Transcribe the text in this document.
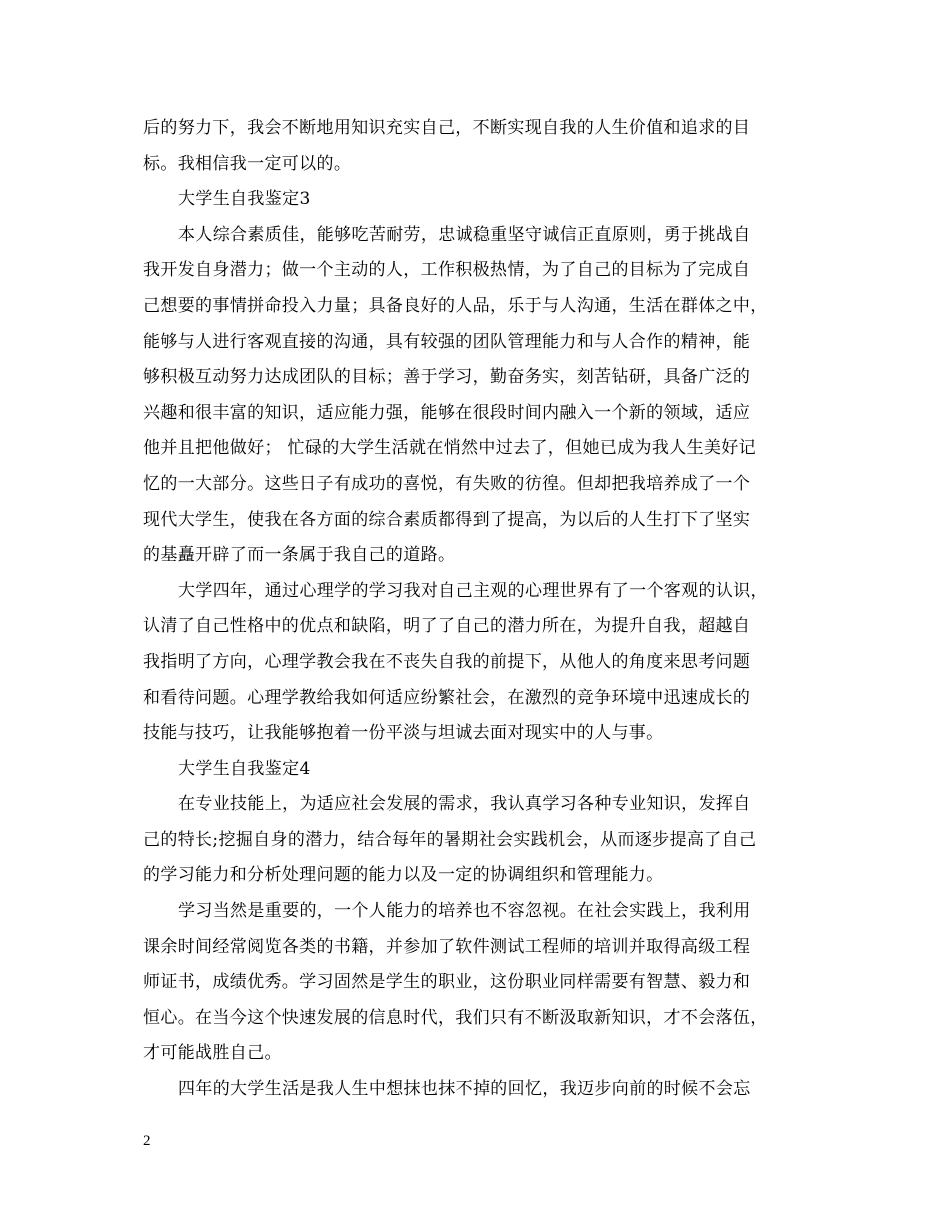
后的努力下，我会不断地用知识充实自己，不断实现自我的人生价值和追求的目
标。我相信我一定可以的。
大学生自我鉴定3
本人综合素质佳，能够吃苦耐劳，忠诚稳重坚守诚信正直原则，勇于挑战自
我开发自身潜力；做一个主动的人，工作积极热情，为了自己的目标为了完成自
己想要的事情拼命投入力量；具备良好的人品，乐于与人沟通，生活在群体之中，
能够与人进行客观直接的沟通，具有较强的团队管理能力和与人合作的精神，能
够积极互动努力达成团队的目标；善于学习，勤奋务实，刻苦钻研，具备广泛的
兴趣和很丰富的知识，适应能力强，能够在很段时间内融入一个新的领域，适应
他并且把他做好； 忙碌的大学生活就在悄然中过去了，但她已成为我人生美好记
忆的一大部分。这些日子有成功的喜悦，有失败的彷徨。但却把我培养成了一个
现代大学生，使我在各方面的综合素质都得到了提高，为以后的人生打下了坚实
的基矗开辟了而一条属于我自己的道路。
大学四年，通过心理学的学习我对自己主观的心理世界有了一个客观的认识，
认清了自己性格中的优点和缺陷，明了了自己的潜力所在，为提升自我，超越自
我指明了方向，心理学教会我在不丧失自我的前提下，从他人的角度来思考问题
和看待问题。心理学教给我如何适应纷繁社会，在激烈的竞争环境中迅速成长的
技能与技巧，让我能够抱着一份平淡与坦诚去面对现实中的人与事。
大学生自我鉴定4
在专业技能上，为适应社会发展的需求，我认真学习各种专业知识，发挥自
己的特长;挖掘自身的潜力，结合每年的暑期社会实践机会，从而逐步提高了自己
的学习能力和分析处理问题的能力以及一定的协调组织和管理能力。
学习当然是重要的，一个人能力的培养也不容忽视。在社会实践上，我利用
课余时间经常阅览各类的书籍，并参加了软件测试工程师的培训并取得高级工程
师证书，成绩优秀。学习固然是学生的职业，这份职业同样需要有智慧、毅力和
恒心。在当今这个快速发展的信息时代，我们只有不断汲取新知识，才不会落伍，
才可能战胜自己。
四年的大学生活是我人生中想抹也抹不掉的回忆，我迈步向前的时候不会忘
2
